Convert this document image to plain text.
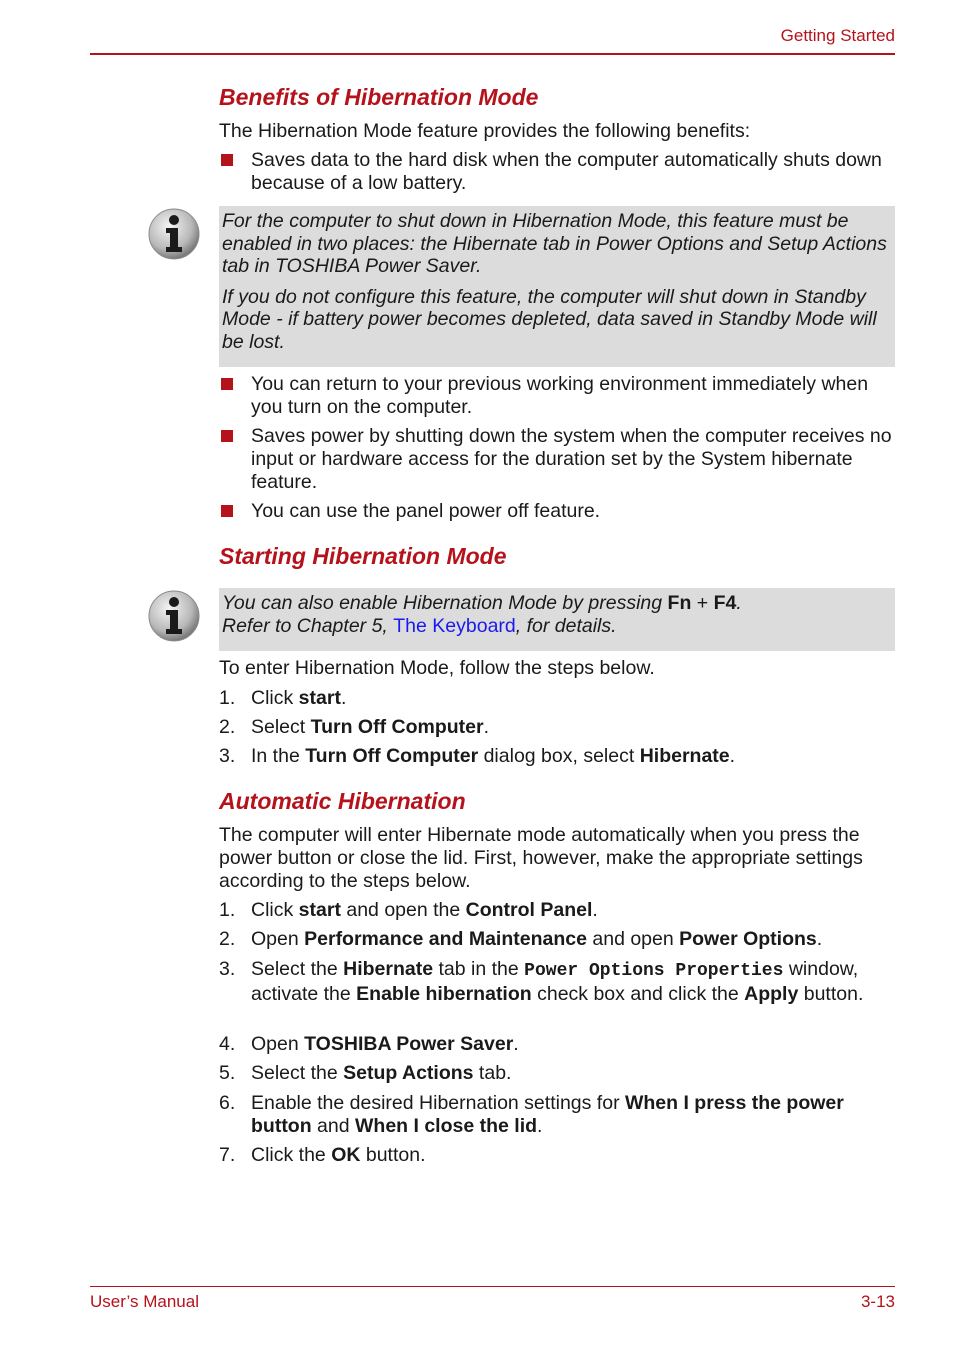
Getting Started
Benefits of Hibernation Mode
The Hibernation Mode feature provides the following benefits:
Saves data to the hard disk when the computer automatically shuts down because of a low battery.
For the computer to shut down in Hibernation Mode, this feature must be enabled in two places: the Hibernate tab in Power Options and Setup Actions tab in TOSHIBA Power Saver.
If you do not configure this feature, the computer will shut down in Standby Mode - if battery power becomes depleted, data saved in Standby Mode will be lost.
You can return to your previous working environment immediately when you turn on the computer.
Saves power by shutting down the system when the computer receives no input or hardware access for the duration set by the System hibernate feature.
You can use the panel power off feature.
Starting Hibernation Mode
You can also enable Hibernation Mode by pressing Fn + F4.
Refer to Chapter 5, The Keyboard, for details.
To enter Hibernation Mode, follow the steps below.
1. Click start.
2. Select Turn Off Computer.
3. In the Turn Off Computer dialog box, select Hibernate.
Automatic Hibernation
The computer will enter Hibernate mode automatically when you press the power button or close the lid. First, however, make the appropriate settings according to the steps below.
1. Click start and open the Control Panel.
2. Open Performance and Maintenance and open Power Options.
3. Select the Hibernate tab in the Power Options Properties window, activate the Enable hibernation check box and click the Apply button.
4. Open TOSHIBA Power Saver.
5. Select the Setup Actions tab.
6. Enable the desired Hibernation settings for When I press the power button and When I close the lid.
7. Click the OK button.
User’s Manual	3-13
